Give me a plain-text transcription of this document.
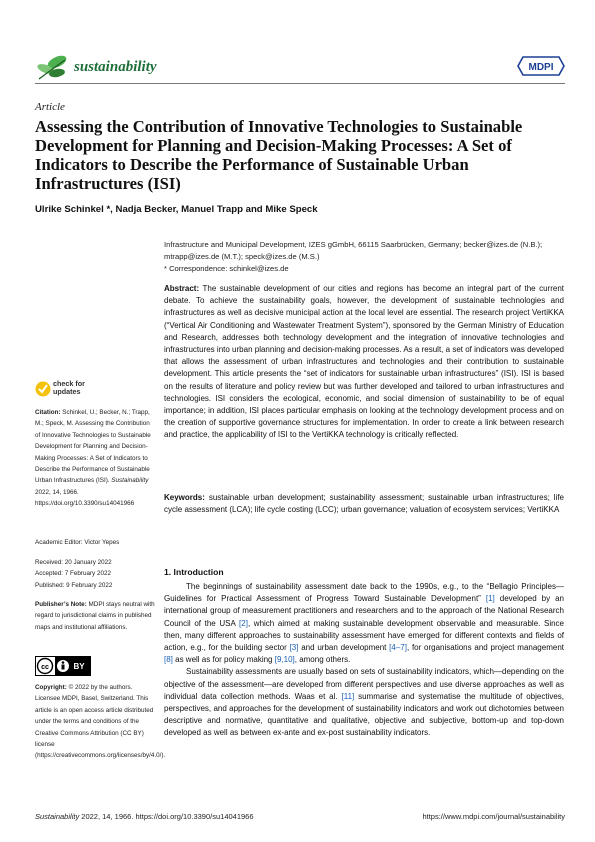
sustainability	MDPI
Article
Assessing the Contribution of Innovative Technologies to Sustainable Development for Planning and Decision-Making Processes: A Set of Indicators to Describe the Performance of Sustainable Urban Infrastructures (ISI)
Ulrike Schinkel *, Nadja Becker, Manuel Trapp and Mike Speck
Infrastructure and Municipal Development, IZES gGmbH, 66115 Saarbrücken, Germany; becker@izes.de (N.B.);
mtrapp@izes.de (M.T.); speck@izes.de (M.S.)
* Correspondence: schinkel@izes.de
Abstract: The sustainable development of our cities and regions has become an integral part of the current debate. To achieve the sustainability goals, however, the development of sustainable technologies and infrastructures as well as decisive municipal action at the local level are essential. The research project VertiKKA (“Vertical Air Conditioning and Wastewater Treatment System”), sponsored by the German Ministry of Education and Research, addresses both technology development and the integration of innovative technologies and infrastructures into urban planning and decision-making processes. As a result, a set of indicators was developed that allows the assessment of urban infrastructures and technologies and their contribution to sustainable development. This article presents the “set of indicators for sustainable urban infrastructures” (ISI). ISI is based on the results of literature and policy review but was further developed and tailored to urban infrastructures and technologies. ISI considers the ecological, economic, and social dimension of sustainability to be of equal importance; in addition, ISI places particular emphasis on looking at the technology development process and on the creation of supportive governance structures for implementation. In order to create a link between research and practice, the applicability of ISI to the VertiKKA technology is critically reflected.
Keywords: sustainable urban development; sustainability assessment; sustainable urban infrastructures; life cycle assessment (LCA); life cycle costing (LCC); urban governance; valuation of ecosystem services; VertiKKA
1. Introduction

The beginnings of sustainability assessment date back to the 1990s, e.g., to the “Bellagio Principles—Guidelines for Practical Assessment of Progress Toward Sustainable Development” [1] developed by an international group of measurement practitioners and researchers and to the approach of the National Research Council of the USA [2], which aimed at making sustainable development observable and measurable. Since then, many different approaches to sustainability assessment have emerged for different contexts and fields of action, e.g., for the building sector [3] and urban development [4–7], for organisations and project management [8] as well as for policy making [9,10], among others.

Sustainability assessments are usually based on sets of sustainability indicators, which—depending on the objective of the assessment—are developed from different perspectives and use diverse approaches as well as individual data collection methods. Waas et al. [11] summarise and systematise the multitude of objectives, perspectives, and approaches for the development of sustainability indicators and work out dichotomies between descriptive and normative, quantitative and qualitative, objective and subjective, bottom-up and top-down developed as well as between ex-ante and ex-post sustainability indicators.

check for
updates
Citation: Schinkel, U.; Becker, N.; Trapp, M.; Speck, M. Assessing the Contribution of Innovative Technologies to Sustainable Development for Planning and Decision-Making Processes: A Set of Indicators to Describe the Performance of Sustainable Urban Infrastructures (ISI). Sustainability 2022, 14, 1966. https://doi.org/10.3390/su14041966
Academic Editor: Victor Yepes
Received: 20 January 2022
Accepted: 7 February 2022
Published: 9 February 2022
Publisher’s Note: MDPI stays neutral with regard to jurisdictional claims in published maps and institutional affiliations.
cc	BY
Copyright: © 2022 by the authors. Licensee MDPI, Basel, Switzerland. This article is an open access article distributed under the terms and conditions of the Creative Commons Attribution (CC BY) license (https://creativecommons.org/licenses/by/4.0/).
Sustainability 2022, 14, 1966. https://doi.org/10.3390/su14041966	https://www.mdpi.com/journal/sustainability
